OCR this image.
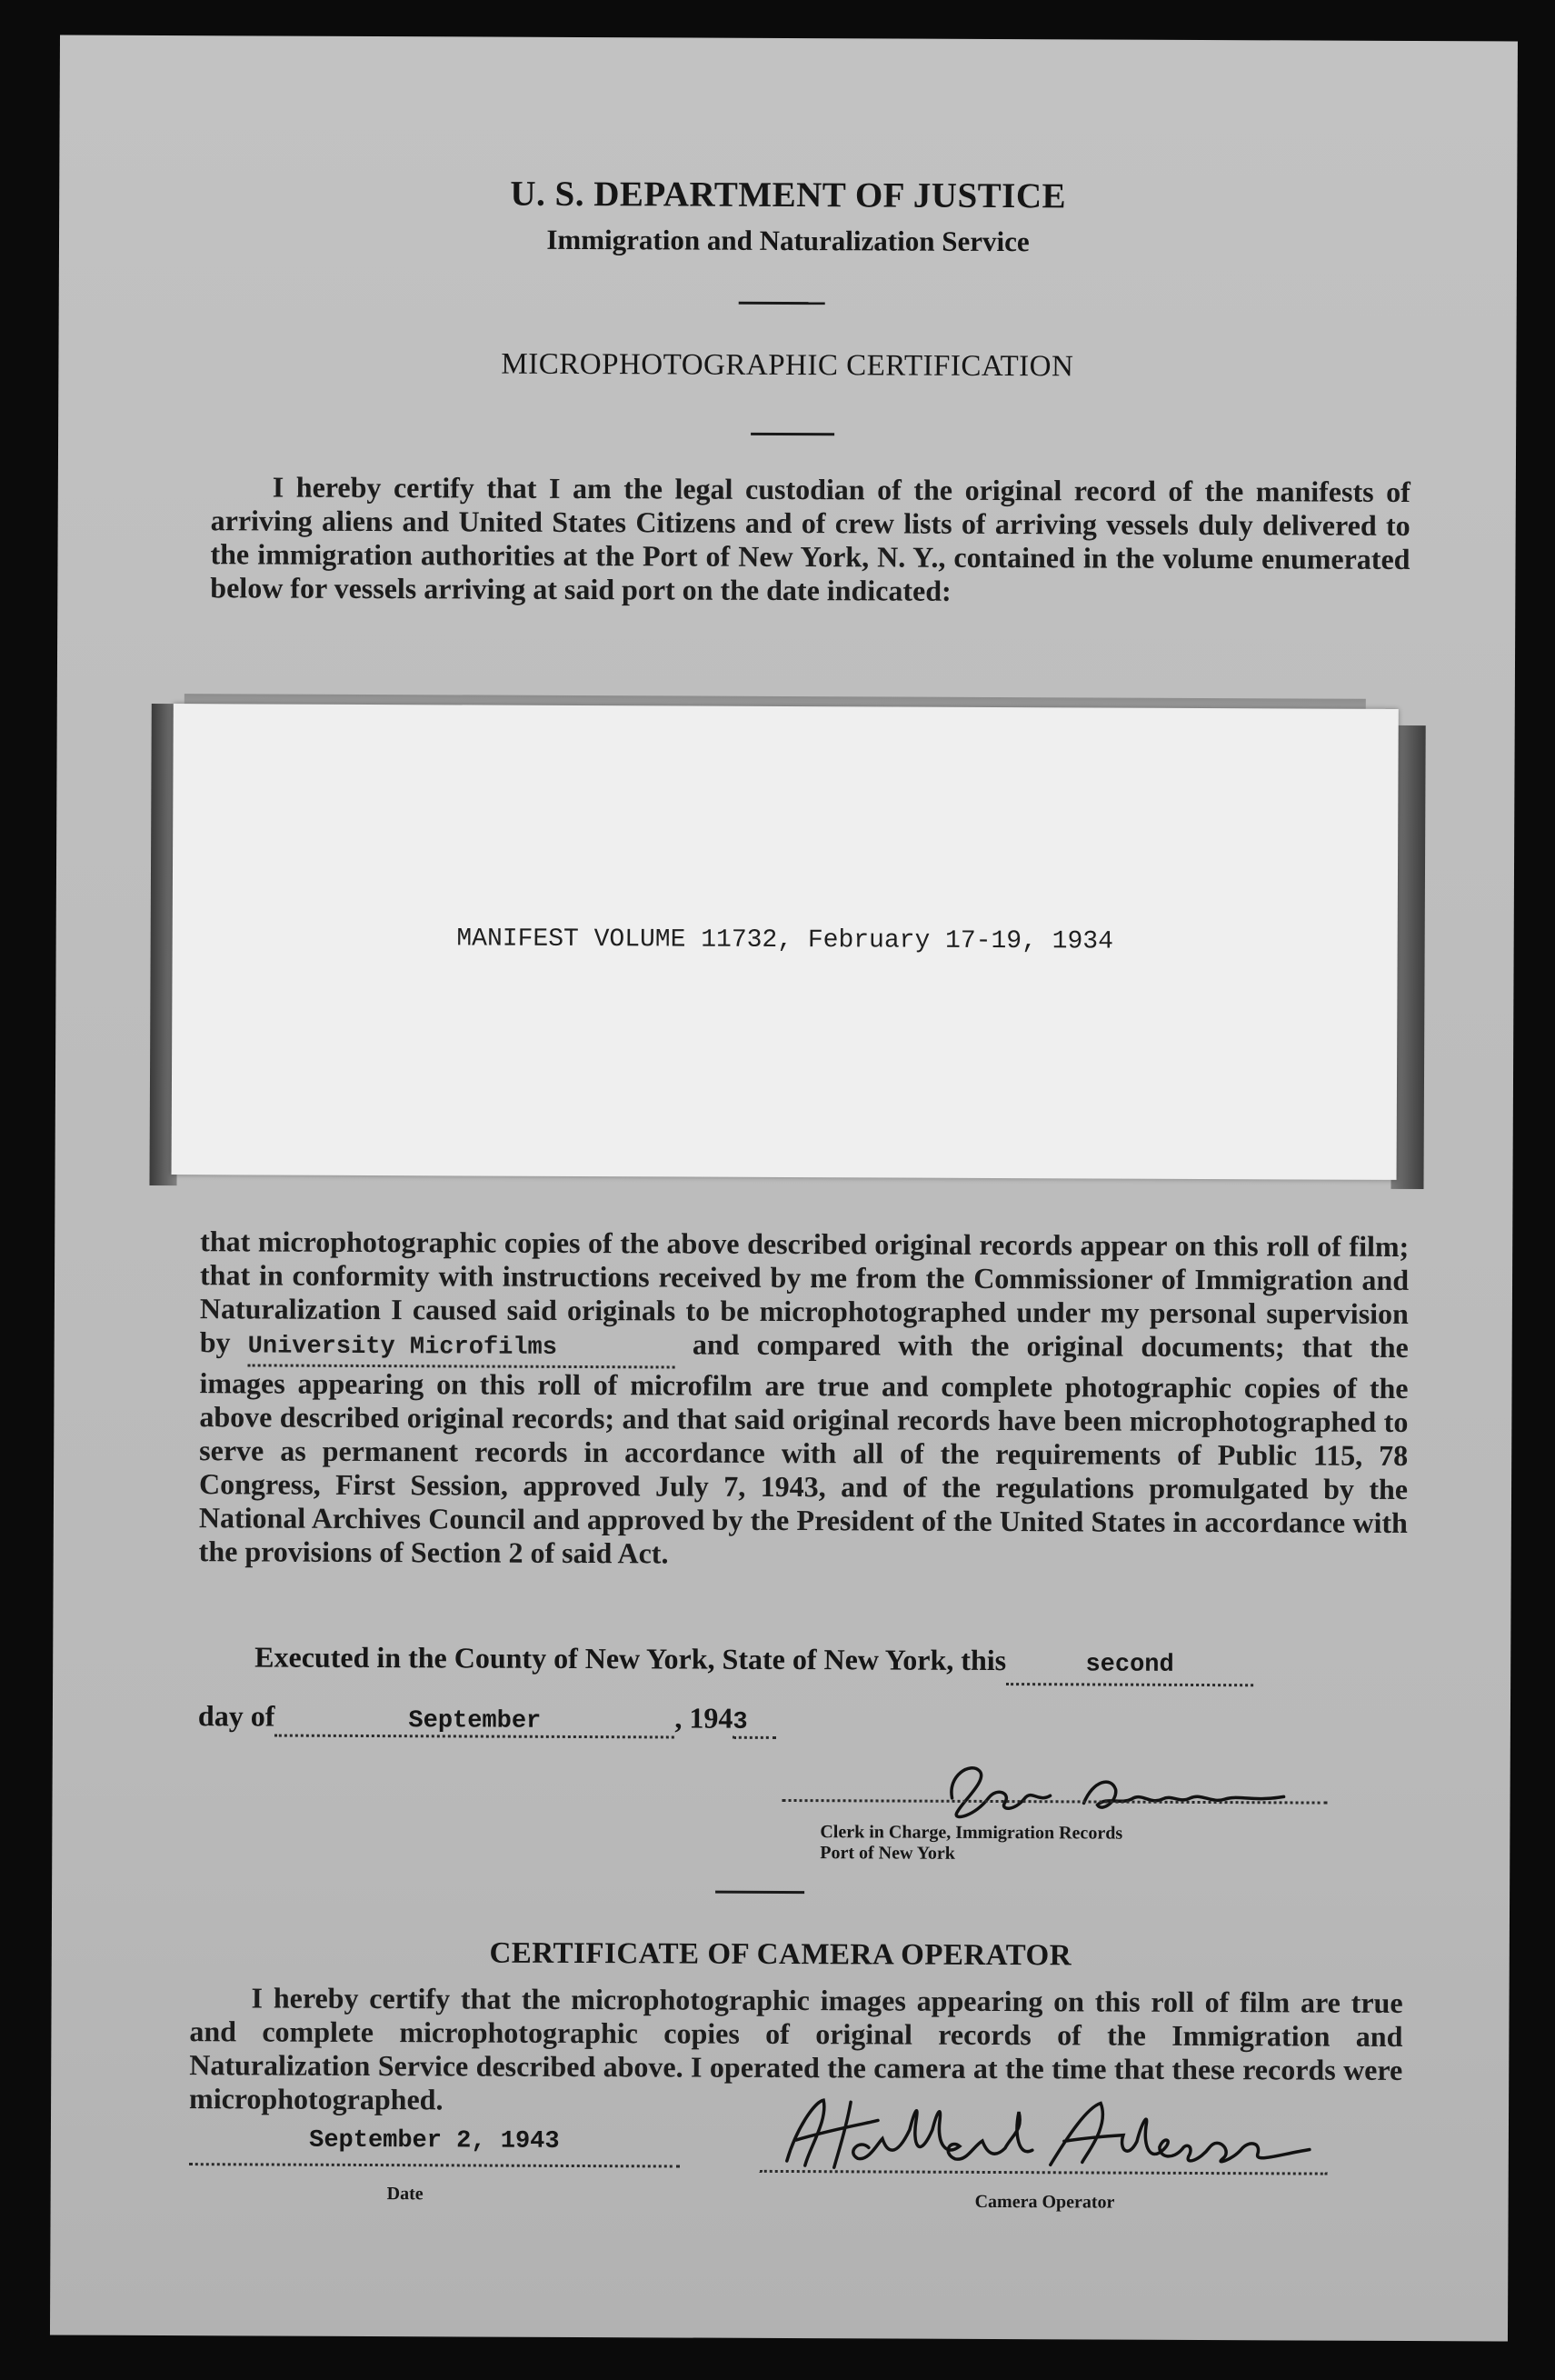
U. S. DEPARTMENT OF JUSTICE
Immigration and Naturalization Service
MICROPHOTOGRAPHIC CERTIFICATION
I hereby certify that I am the legal custodian of the original record of the manifests of arriving aliens and United States Citizens and of crew lists of arriving vessels duly delivered to the immigration authorities at the Port of New York, N. Y., contained in the volume enumerated below for vessels arriving at said port on the date indicated:
MANIFEST VOLUME 11732, February 17-19, 1934
that microphotographic copies of the above described original records appear on this roll of film; that in conformity with instructions received by me from the Commissioner of Immigration and Naturalization I caused said originals to be microphotographed under my personal supervision by University Microfilms	and compared with the original documents; that the images appearing on this roll of microfilm are true and complete photographic copies of the above described original records; and that said original records have been microphotographed to serve as permanent records in accordance with all of the requirements of Public 115, 78 Congress, First Session, approved July 7, 1943, and of the regulations promulgated by the National Archives Council and approved by the President of the United States in accordance with the provisions of Section 2 of said Act.
Executed in the County of New York, State of New York, this	second
day of	September	, 1943
Clerk in Charge, Immigration Records
Port of New York
CERTIFICATE OF CAMERA OPERATOR
I hereby certify that the microphotographic images appearing on this roll of film are true and complete microphotographic copies of original records of the Immigration and Naturalization Service described above. I operated the camera at the time that these records were microphotographed.
September 2, 1943
Date	Camera Operator
